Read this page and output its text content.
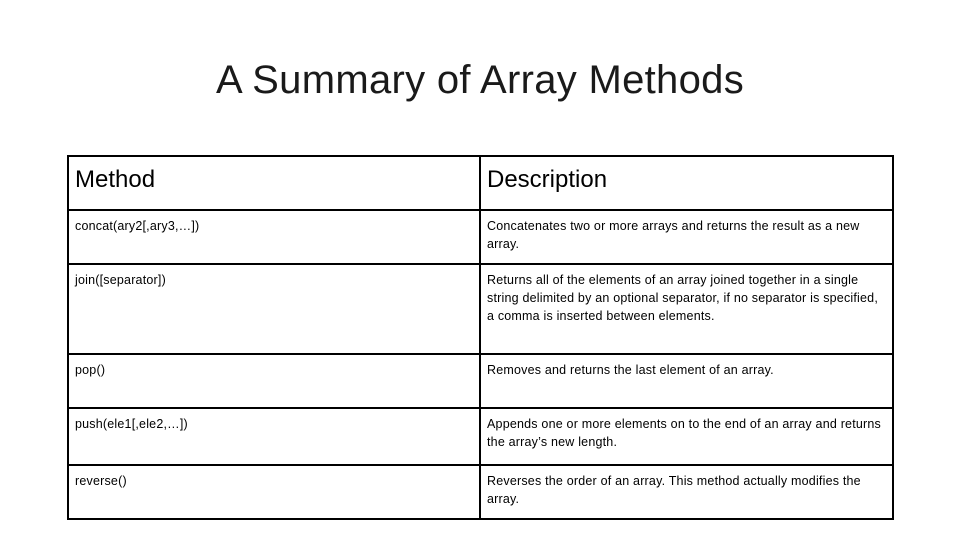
A Summary of Array Methods
Method	Description
concat(ary2[,ary3,…])	Concatenates two or more arrays and returns the result as a new array.
join([separator])	Returns all of the elements of an array joined together in a single string delimited by an optional separator, if no separator is specified, a comma is inserted between elements.
pop()	Removes and returns the last element of an array.
push(ele1[,ele2,…])	Appends one or more elements on to the end of an array and returns the array’s new length.
reverse()	Reverses the order of an array. This method actually modifies the array.
